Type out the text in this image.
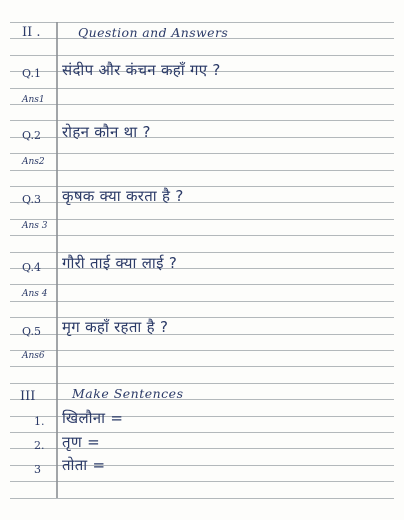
II .	Question and Answers
Q.1 संदीप और कंचन कहाँ गए ?
Ans1
Q.2 रोहन कौन था ?
Ans2
Q.3 कृषक क्या करता है ?
Ans 3
Q.4 गौरी ताई क्या लाई ?
Ans 4
Q.5 मृग कहाँ रहता है ?
Ans6
III	Make Sentences
1. खिलौना =
2. तृण =
3 तोता =
